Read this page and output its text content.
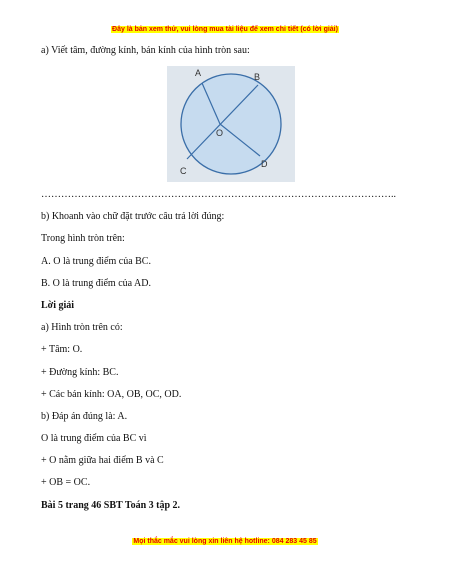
Đây là bản xem thử, vui lòng mua tài liệu để xem chi tiết (có lời giải)

a) Viết tâm, đường kính, bán kính của hình tròn sau:

A	B
O
C
D

……………………………………………………………………………………………..

b) Khoanh vào chữ đặt trước câu trả lời đúng:

Trong hình tròn trên:

A. O là trung điểm của BC.

B. O là trung điểm của AD.

Lời giải

a) Hình tròn trên có:

+ Tâm: O.

+ Đường kính: BC.

+ Các bán kính: OA, OB, OC, OD.

b) Đáp án đúng là: A.

O là trung điểm của BC vì

+ O nằm giữa hai điểm B và C

+ OB = OC.

Bài 5 trang 46 SBT Toán 3 tập 2.

Mọi thắc mắc vui lòng xin liên hệ hotline: 084 283 45 85
